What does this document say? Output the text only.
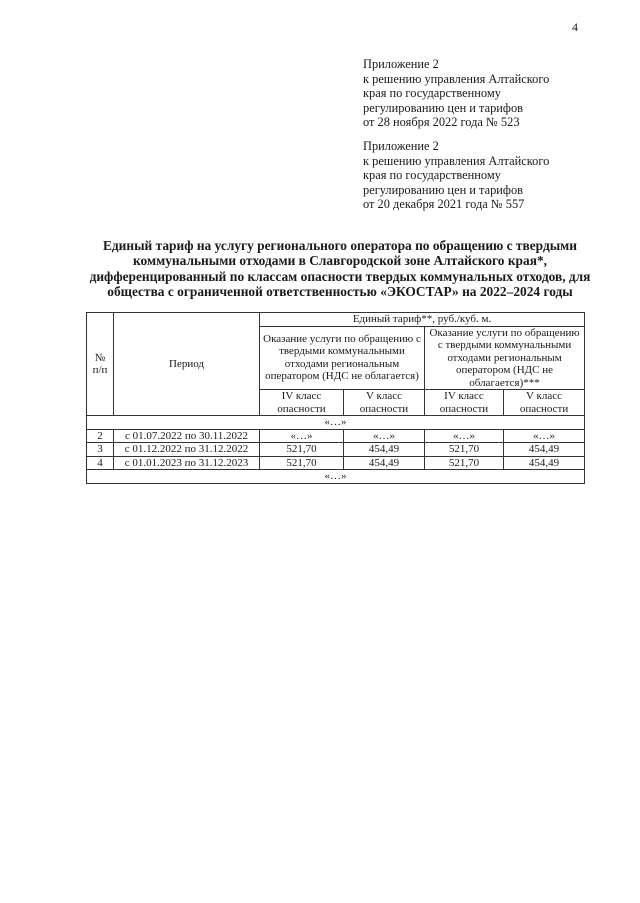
4
Приложение 2
к решению управления Алтайского
края по государственному
регулированию цен и тарифов
от 28 ноября 2022 года № 523
Приложение 2
к решению управления Алтайского
края по государственному
регулированию цен и тарифов
от 20 декабря 2021 года № 557
Единый тариф на услугу регионального оператора по обращению с твердыми
коммунальными отходами в Славгородской зоне Алтайского края*,
дифференцированный по классам опасности твердых коммунальных отходов, для
общества с ограниченной ответственностью «ЭКОСТАР» на 2022–2024 годы
№ п/п	Период	Единый тариф**, руб./куб. м.			
		Оказание услуги по обращению с твердыми коммунальными отходами региональным оператором (НДС не облагается)		Оказание услуги по обращению с твердыми коммунальными отходами региональным оператором (НДС не облагается)***	
		IV класс опасности	V класс опасности	IV класс опасности	V класс опасности
«…»					
2	с 01.07.2022 по 30.11.2022	«…»	«…»	«…»	«…»
3	с 01.12.2022 по 31.12.2022	521,70	454,49	521,70	454,49
4	с 01.01.2023 по 31.12.2023	521,70	454,49	521,70	454,49
«…»					
